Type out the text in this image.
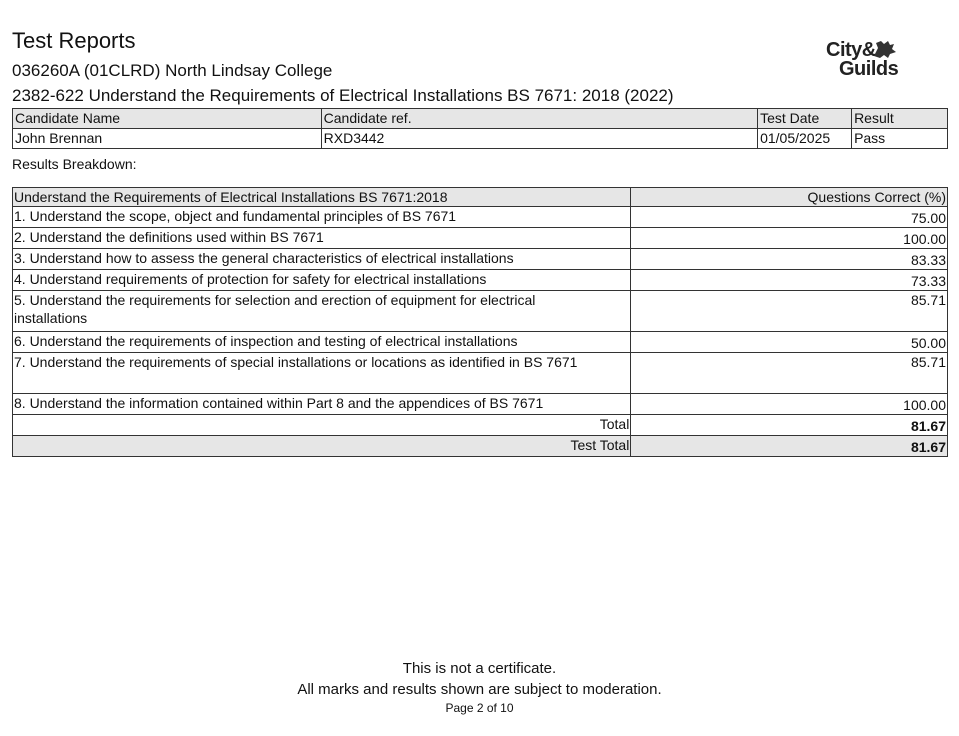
Test Reports
036260A (01CLRD) North Lindsay College
2382-622 Understand the Requirements of Electrical Installations BS 7671: 2018 (2022)
City&
Guilds
Candidate Name	Candidate ref.	Test Date	Result
John Brennan	RXD3442	01/05/2025	Pass
Results Breakdown:
Understand the Requirements of Electrical Installations BS 7671:2018	Questions Correct (%)
1. Understand the scope, object and fundamental principles of BS 7671	75.00
2. Understand the definitions used within BS 7671	100.00
3. Understand how to assess the general characteristics of electrical installations	83.33
4. Understand requirements of protection for safety for electrical installations	73.33
5. Understand the requirements for selection and erection of equipment for electrical installations	85.71
6. Understand the requirements of inspection and testing of electrical installations	50.00
7. Understand the requirements of special installations or locations as identified in BS 7671	85.71
8. Understand the information contained within Part 8 and the appendices of BS 7671	100.00
Total	81.67
Test Total	81.67
This is not a certificate.
All marks and results shown are subject to moderation.
Page 2 of 10
